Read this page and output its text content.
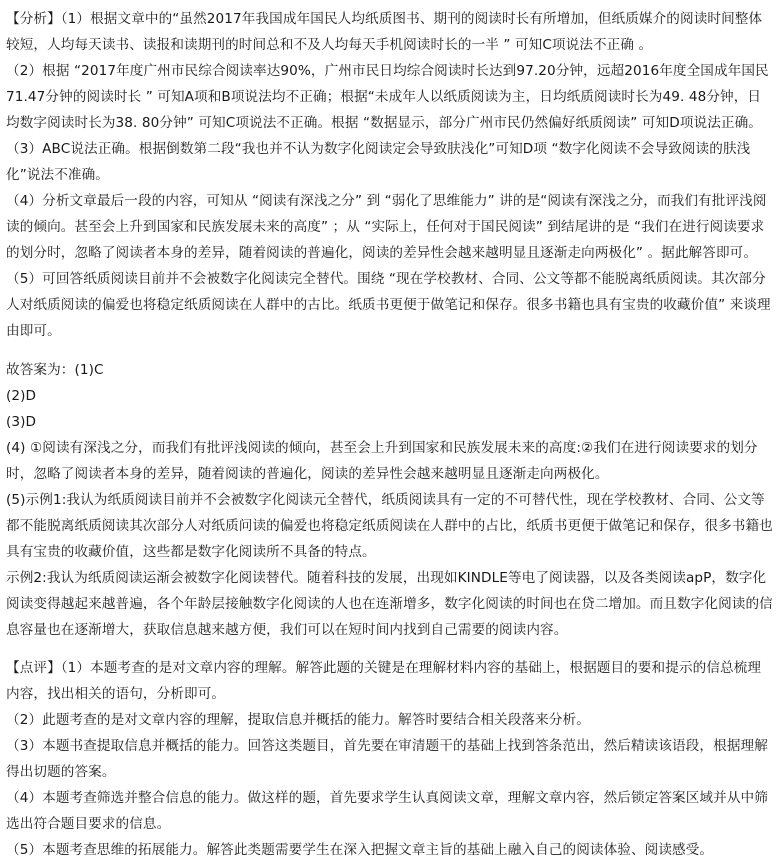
【分析】（1）根据文章中的“虽然2017年我国成年国民人均纸质图书、期刊的阅读时长有所增加，但纸质媒介的阅读时间整体较短，人均每天读书、读报和读期刊的时间总和不及人均每天手机阅读时长的一半 ” 可知C项说法不正确 。

（2）根据 “2017年度广州市民综合阅读率达90%，广州市民日均综合阅读时长达到97.20分钟，远超2016年度全国成年国民71.47分钟的阅读时长 ” 可知A项和B项说法均不正确；根据“未成年人以纸质阅读为主，日均纸质阅读时长为49. 48分钟，日均数字阅读时长为38. 80分钟” 可知C项说法不正确。根据 “数据显示，部分广州市民仍然偏好纸质阅读” 可知D项说法正确。

（3）ABC说法正确。根据倒数第二段“我也并不认为数字化阅读定会导致肤浅化”可知D项 “数字化阅读不会导致阅读的肤浅化”说法不准确。

（4）分析文章最后一段的内容，可知从 “阅读有深浅之分” 到 “弱化了思维能力” 讲的是“阅读有深浅之分，而我们有批评浅阅读的倾向。甚至会上升到国家和民族发展未来的高度” ；从 “实际上，任何对于国民阅读” 到结尾讲的是 “我们在进行阅读要求的划分时，忽略了阅读者本身的差异，随着阅读的普遍化，阅读的差异性会越来越明显且逐渐走向两极化” 。据此解答即可。

（5）可回答纸质阅读目前并不会被数字化阅读完全替代。围绕 “现在学校教材、合同、公文等都不能脱离纸质阅读。其次部分人对纸质阅读的偏爱也将稳定纸质阅读在人群中的古比。纸质书更便于做笔记和保存。很多书籍也具有宝贵的收藏价值” 来谈理由即可。

故答案为：(1)C

(2)D

(3)D

(4) ①阅读有深浅之分，而我们有批评浅阅读的倾向，甚至会上升到国家和民族发展未来的高度:②我们在进行阅读要求的划分时，忽略了阅读者本身的差异，随着阅读的普遍化，阅读的差异性会越来越明显且逐渐走向两极化。

(5)示例1:我认为纸质阅读目前并不会被数字化阅读元全替代，纸质阅读具有一定的不可替代性，现在学校教材、合同、公文等都不能脱离纸质阅读其次部分人对纸质问读的偏爱也将稳定纸质阅读在人群中的占比，纸质书更便于做笔记和保存，很多书籍也具有宝贵的收藏价值，这些都是数字化阅读所不具备的特点。

示例2:我认为纸质阅读运渐会被数字化阅读替代。随着科技的发展，出现如KINDLE等电了阅读器，以及各类阅读apP，数字化阅读变得越起来越普遍，各个年龄层接触数字化阅读的人也在连渐增多，数字化阅读的时间也在贷二增加。而且数字化阅读的信息容量也在逐渐增大，获取信息越来越方便，我们可以在短时间内找到自己需要的阅读内容。

【点评】（1）本题考查的是对文章内容的理解。解答此题的关键是在理解材料内容的基础上，根据题目的要和提示的信总梳理内容，找出相关的语句，分析即可。

（2）此题考查的是对文章内容的理解，提取信息并概括的能力。解答时要结合相关段落来分析。

（3）本题书查提取信息并概括的能力。回答这类题目，首先要在审清题干的基础上找到答条范出，然后精读该语段，根据理解得出切题的答案。

（4）本题考查筛选并整合信息的能力。做这样的题，首先要求学生认真阅读文章，理解文章内容，然后锁定答案区域并从中筛选出符合题目要求的信息。

（5）本题考查思维的拓展能力。解答此类题需要学生在深入把握文章主旨的基础上融入自己的阅读体验、阅读感受。
